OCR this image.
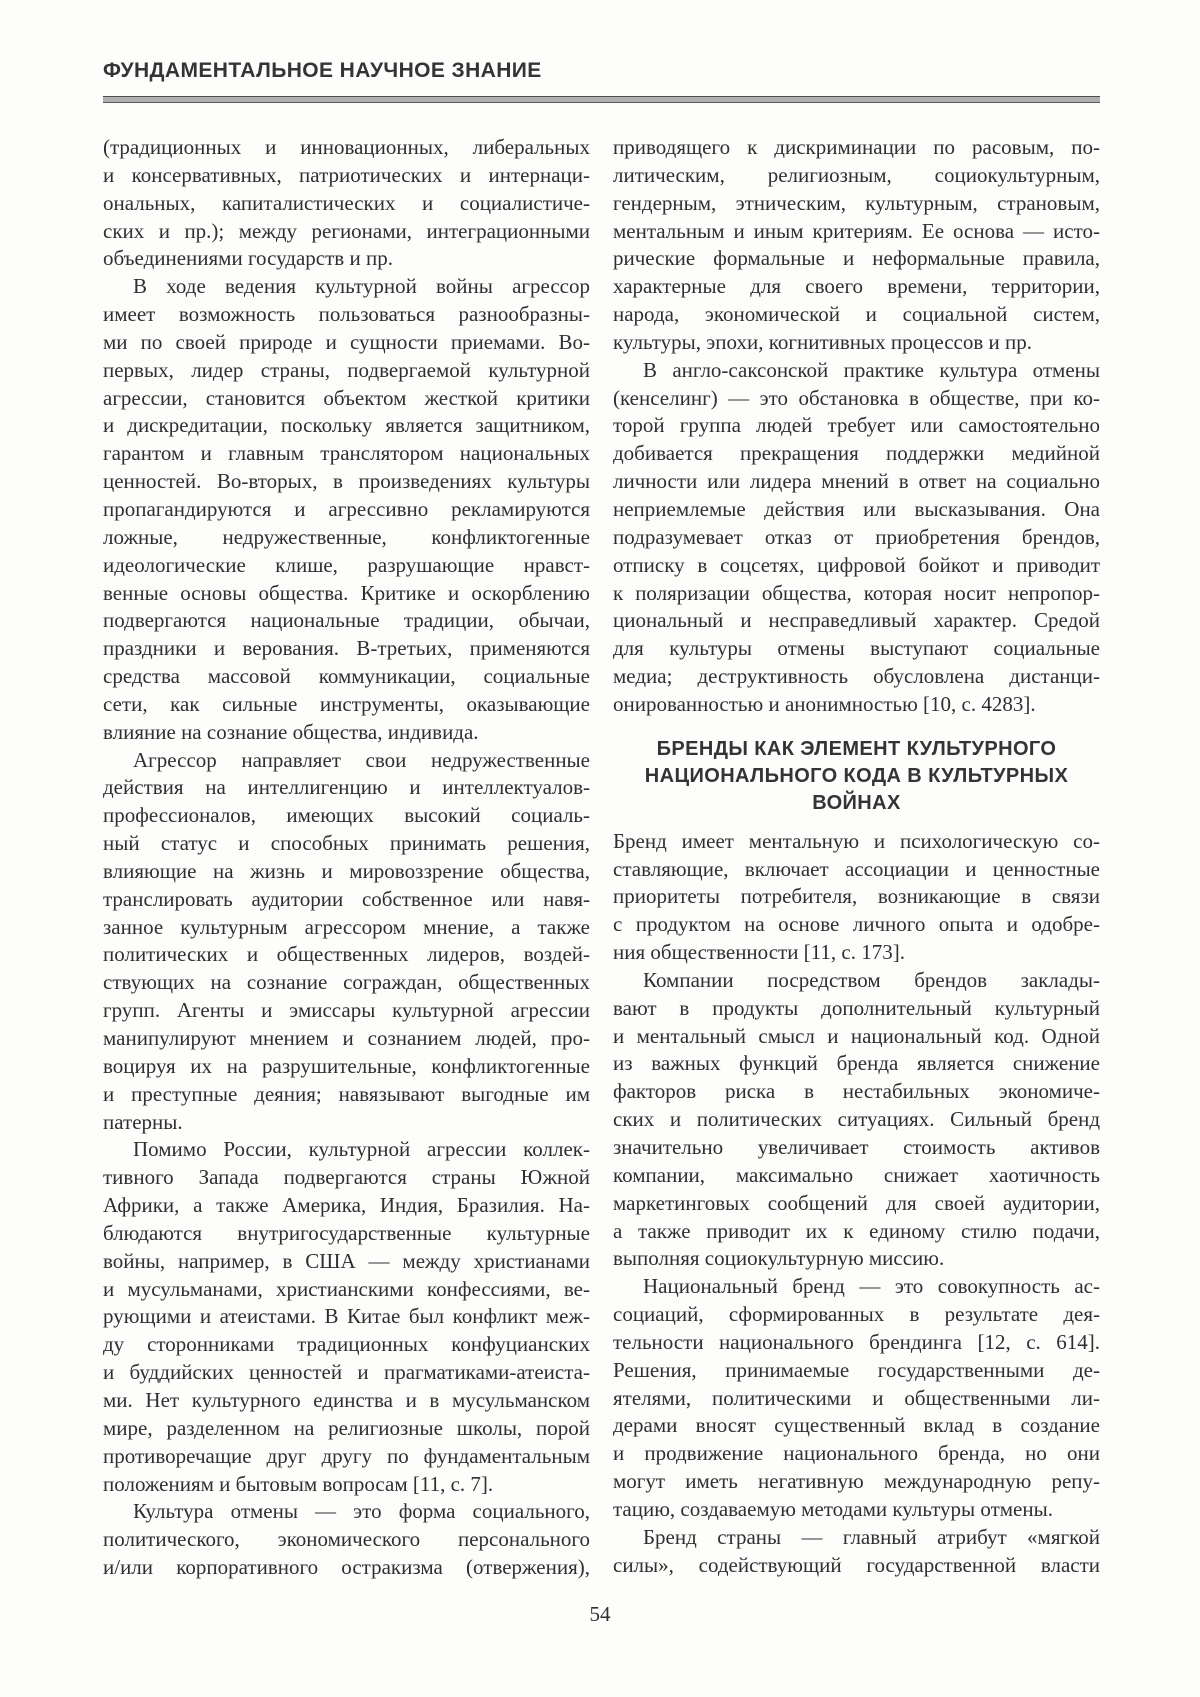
ФУНДАМЕНТАЛЬНОЕ НАУЧНОЕ ЗНАНИЕ

(традиционных и инновационных, либеральных
и консервативных, патриотических и интернаци-
ональных, капиталистических и социалистиче-
ских и пр.); между регионами, интеграционными
объединениями государств и пр.

В ходе ведения культурной войны агрессор
имеет возможность пользоваться разнообразны-
ми по своей природе и сущности приемами. Во-
первых, лидер страны, подвергаемой культурной
агрессии, становится объектом жесткой критики
и дискредитации, поскольку является защитником,
гарантом и главным транслятором национальных
ценностей. Во-вторых, в произведениях культуры
пропагандируются и агрессивно рекламируются
ложные, недружественные, конфликтогенные
идеологические клише, разрушающие нравст-
венные основы общества. Критике и оскорблению
подвергаются национальные традиции, обычаи,
праздники и верования. В-третьих, применяются
средства массовой коммуникации, социальные
сети, как сильные инструменты, оказывающие
влияние на сознание общества, индивида.

Агрессор направляет свои недружественные
действия на интеллигенцию и интеллектуалов-
профессионалов, имеющих высокий социаль-
ный статус и способных принимать решения,
влияющие на жизнь и мировоззрение общества,
транслировать аудитории собственное или навя-
занное культурным агрессором мнение, а также
политических и общественных лидеров, воздей-
ствующих на сознание сограждан, общественных
групп. Агенты и эмиссары культурной агрессии
манипулируют мнением и сознанием людей, про-
воцируя их на разрушительные, конфликтогенные
и преступные деяния; навязывают выгодные им
патерны.

Помимо России, культурной агрессии коллек-
тивного Запада подвергаются страны Южной
Африки, а также Америка, Индия, Бразилия. На-
блюдаются внутригосударственные культурные
войны, например, в США — между христианами
и мусульманами, христианскими конфессиями, ве-
рующими и атеистами. В Китае был конфликт меж-
ду сторонниками традиционных конфуцианских
и буддийских ценностей и прагматиками-атеиста-
ми. Нет культурного единства и в мусульманском
мире, разделенном на религиозные школы, порой
противоречащие друг другу по фундаментальным
положениям и бытовым вопросам [11, с. 7].

Культура отмены — это форма социального,
политического, экономического персонального
и/или корпоративного остракизма (отвержения),

приводящего к дискриминации по расовым, по-
литическим, религиозным, социокультурным,
гендерным, этническим, культурным, страновым,
ментальным и иным критериям. Ее основа — исто-
рические формальные и неформальные правила,
характерные для своего времени, территории,
народа, экономической и социальной систем,
культуры, эпохи, когнитивных процессов и пр.

В англо-саксонской практике культура отмены
(кенселинг) — это обстановка в обществе, при ко-
торой группа людей требует или самостоятельно
добивается прекращения поддержки медийной
личности или лидера мнений в ответ на социально
неприемлемые действия или высказывания. Она
подразумевает отказ от приобретения брендов,
отписку в соцсетях, цифровой бойкот и приводит
к поляризации общества, которая носит непропор-
циональный и несправедливый характер. Средой
для культуры отмены выступают социальные
медиа; деструктивность обусловлена дистанци-
онированностью и анонимностью [10, с. 4283].

БРЕНДЫ КАК ЭЛЕМЕНТ КУЛЬТУРНОГО
НАЦИОНАЛЬНОГО КОДА В КУЛЬТУРНЫХ
ВОЙНАХ

Бренд имеет ментальную и психологическую со-
ставляющие, включает ассоциации и ценностные
приоритеты потребителя, возникающие в связи
с продуктом на основе личного опыта и одобре-
ния общественности [11, с. 173].

Компании посредством брендов заклады-
вают в продукты дополнительный культурный
и ментальный смысл и национальный код. Одной
из важных функций бренда является снижение
факторов риска в нестабильных экономиче-
ских и политических ситуациях. Сильный бренд
значительно увеличивает стоимость активов
компании, максимально снижает хаотичность
маркетинговых сообщений для своей аудитории,
а также приводит их к единому стилю подачи,
выполняя социокультурную миссию.

Национальный бренд — это совокупность ас-
социаций, сформированных в результате дея-
тельности национального брендинга [12, с. 614].
Решения, принимаемые государственными де-
ятелями, политическими и общественными ли-
дерами вносят существенный вклад в создание
и продвижение национального бренда, но они
могут иметь негативную международную репу-
тацию, создаваемую методами культуры отмены.

Бренд страны — главный атрибут «мягкой
силы», содействующий государственной власти

54
